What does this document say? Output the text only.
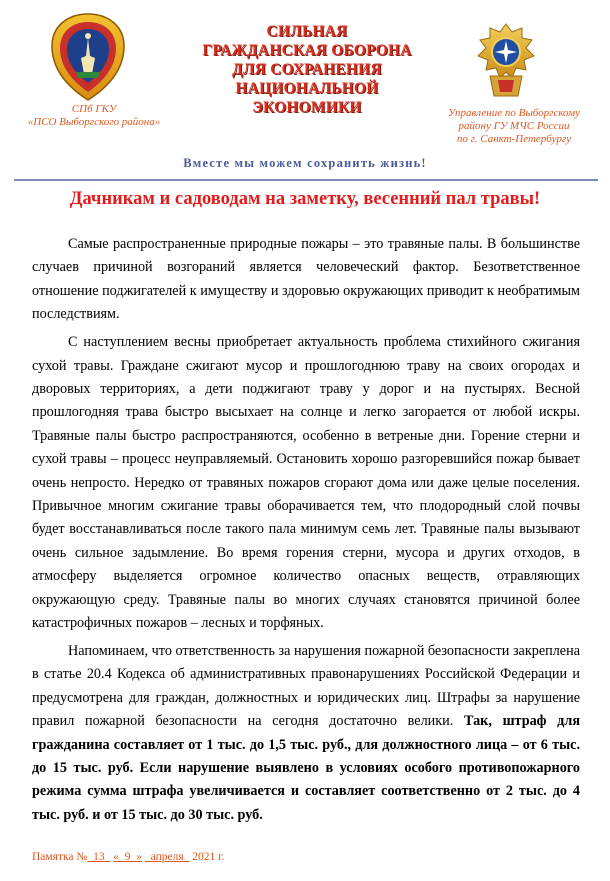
СПб ГКУ
«ПСО Выборгского района»
СИЛЬНАЯ
ГРАЖДАНСКАЯ ОБОРОНА
ДЛЯ СОХРАНЕНИЯ
НАЦИОНАЛЬНОЙ
ЭКОНОМИКИ	Управление по Выборгскому
району ГУ МЧС России
по г. Санкт-Петербургу
Вместе мы можем сохранить жизнь!
Дачникам и садоводам на заметку, весенний пал травы!

Самые распространенные природные пожары – это травяные палы. В большинстве случаев причиной возгораний является человеческий фактор. Безответственное отношение поджигателей к имуществу и здоровью окружающих приводит к необратимым последствиям.

С наступлением весны приобретает актуальность проблема стихийного сжигания сухой травы. Граждане сжигают мусор и прошлогоднюю траву на своих огородах и дворовых территориях, а дети поджигают траву у дорог и на пустырях. Весной прошлогодняя трава быстро высыхает на солнце и легко загорается от любой искры. Травяные палы быстро распространяются, особенно в ветреные дни. Горение стерни и сухой травы – процесс неуправляемый. Остановить хорошо разгоревшийся пожар бывает очень непросто. Нередко от травяных пожаров сгорают дома или даже целые поселения. Привычное многим сжигание травы оборачивается тем, что плодородный слой почвы будет восстанавливаться после такого пала минимум семь лет. Травяные палы вызывают очень сильное задымление. Во время горения стерни, мусора и других отходов, в атмосферу выделяется огромное количество опасных веществ, отравляющих окружающую среду. Травяные палы во многих случаях становятся причиной более катастрофичных пожаров – лесных и торфяных.

Напоминаем, что ответственность за нарушения пожарной безопасности закреплена в статье 20.4 Кодекса об административных правонарушениях Российской Федерации и предусмотрена для граждан, должностных и юридических лиц. Штрафы за нарушение правил пожарной безопасности на сегодня достаточно велики. Так, штраф для гражданина составляет от 1 тыс. до 1,5 тыс. руб., для должностного лица – от 6 тыс. до 15 тыс. руб. Если нарушение выявлено в условиях особого противопожарного режима сумма штрафа увеличивается и составляет соответственно от 2 тыс. до 4 тыс. руб. и от 15 тыс. до 30 тыс. руб.

Памятка №_13_ «_9_» _апреля_ 2021 г.
